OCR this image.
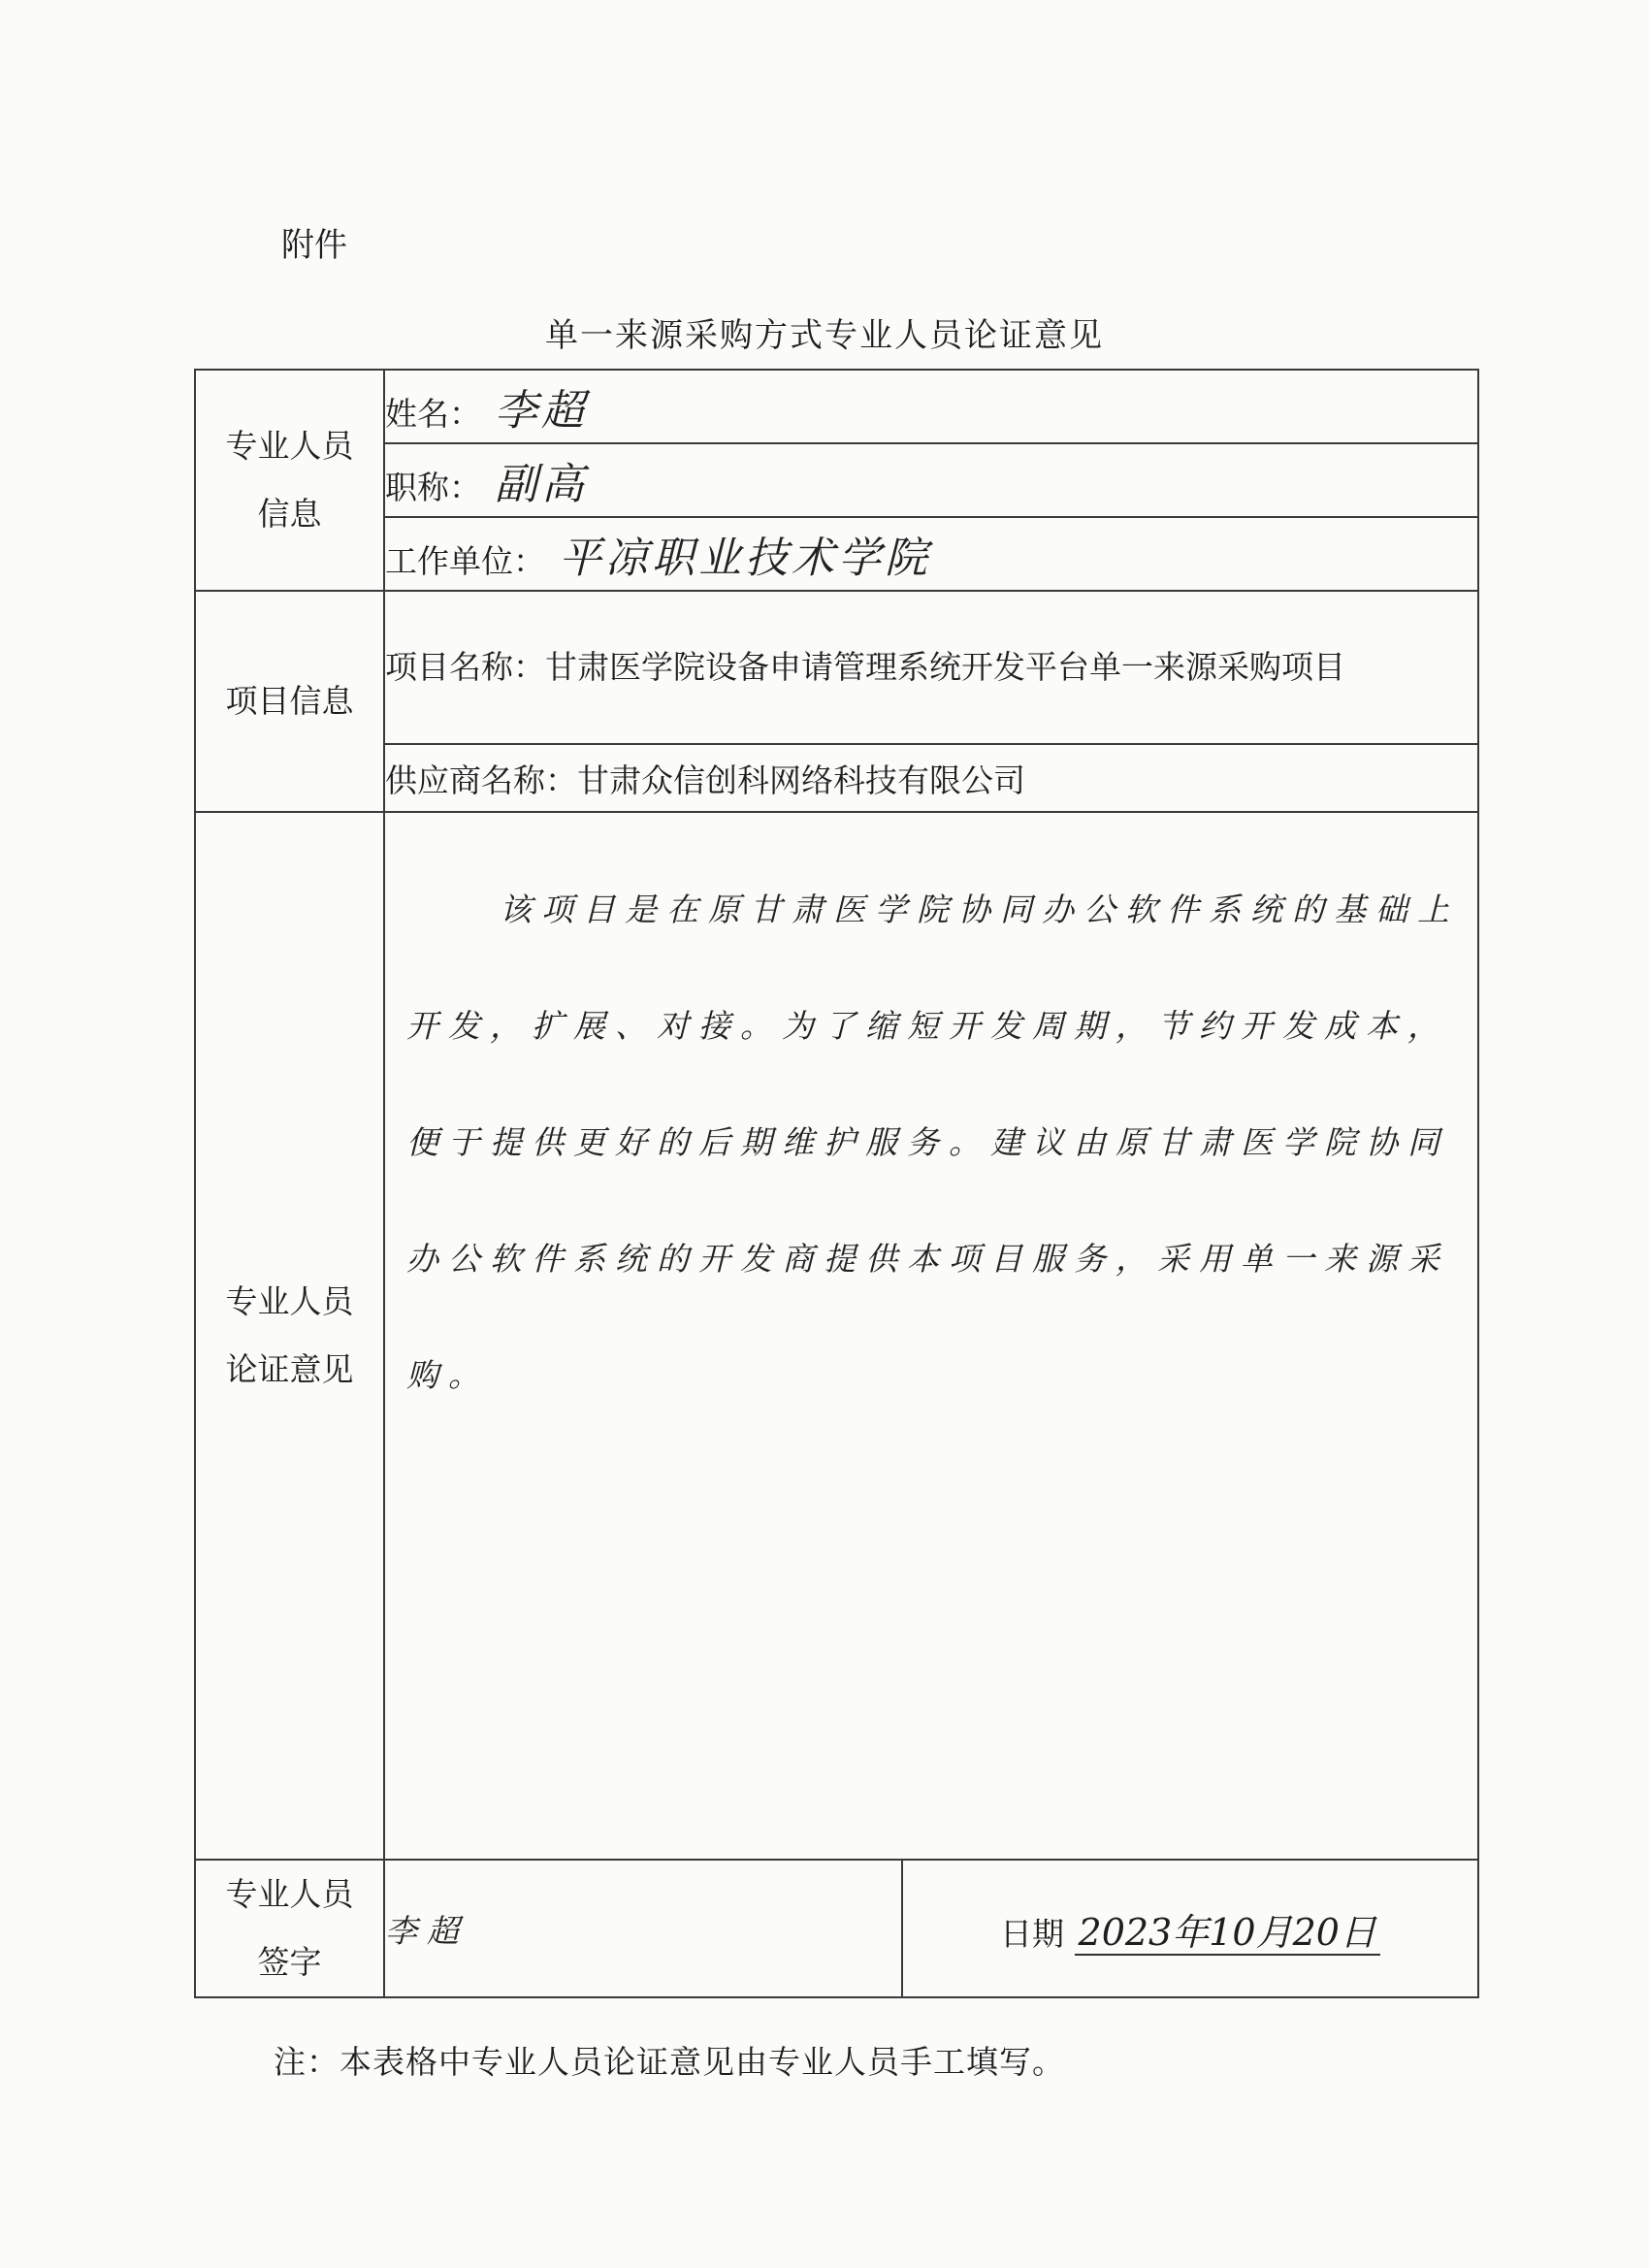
附件
单一来源采购方式专业人员论证意见
专业人员
信息	姓名： 李超	
	职称： 副高	
	工作单位： 平凉职业技术学院	
项目信息	项目名称：甘肃医学院设备申请管理系统开发平台单一来源采购项目	
	供应商名称：甘肃众信创科网络科技有限公司	

专业人员
论证意见	该项目是在原甘肃医学院协同办公软件系统的基础上开发，扩展、对接。为了缩短开发周期，节约开发成本，便于提供更好的后期维护服务。建议由原甘肃医学院协同办公软件系统的开发商提供本项目服务，采用单一来源采购。	

专业人员
签字	李超	日期 2023年10月20日
注：本表格中专业人员论证意见由专业人员手工填写。
